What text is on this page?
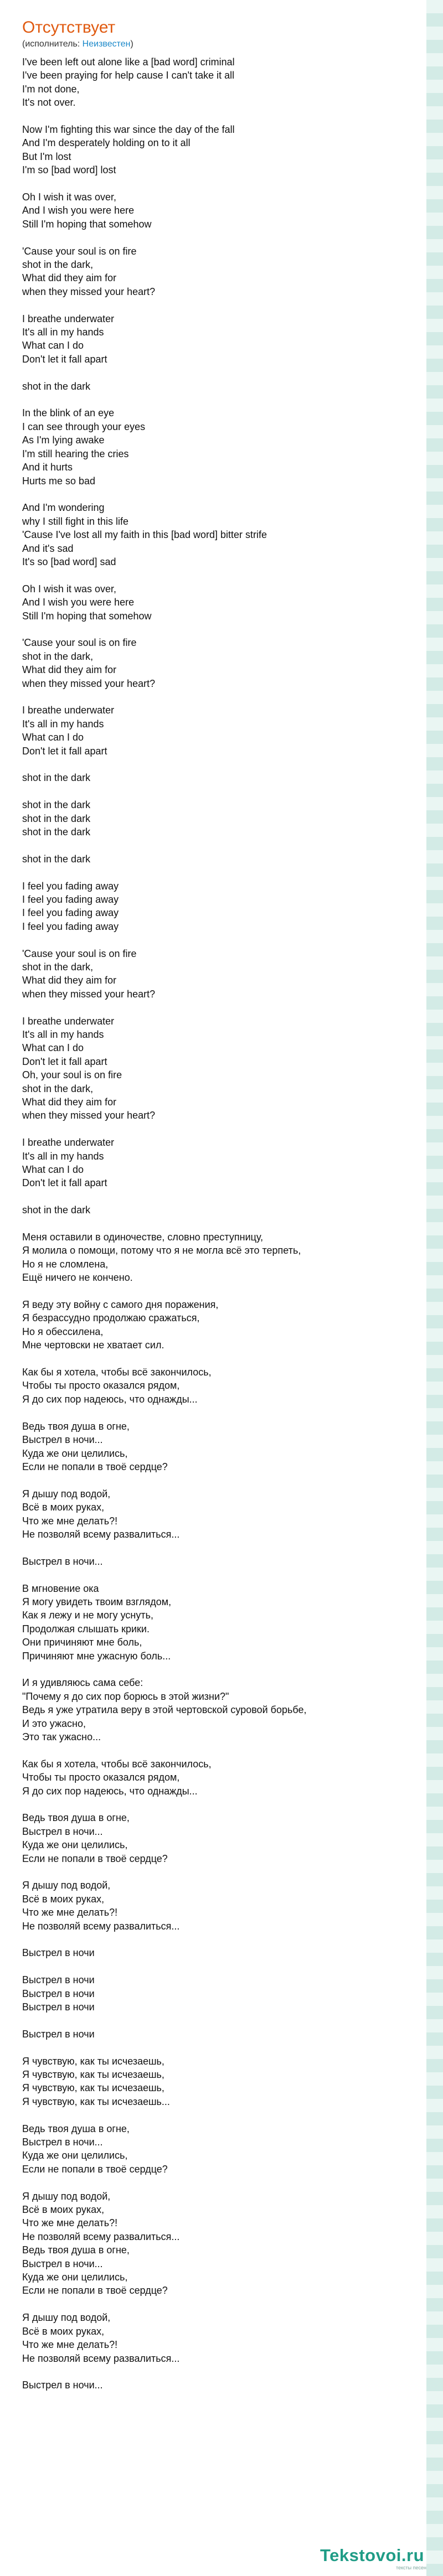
Отсутствует
(исполнитель: Неизвестен)
I've been left out alone like a [bad word] criminal
I've been praying for help cause I can't take it all
I'm not done,
It's not over.
Now I'm fighting this war since the day of the fall
And I'm desperately holding on to it all
But I'm lost
I'm so [bad word] lost
Oh I wish it was over,
And I wish you were here
Still I'm hoping that somehow
'Cause your soul is on fire
shot in the dark,
What did they aim for
when they missed your heart?
I breathe underwater
It's all in my hands
What can I do
Don't let it fall apart
shot in the dark
In the blink of an eye
I can see through your eyes
As I'm lying awake
I'm still hearing the cries
And it hurts
Hurts me so bad
And I'm wondering
why I still fight in this life
'Cause I've lost all my faith in this [bad word] bitter strife
And it's sad
It's so [bad word] sad
Oh I wish it was over,
And I wish you were here
Still I'm hoping that somehow
'Cause your soul is on fire
shot in the dark,
What did they aim for
when they missed your heart?
I breathe underwater
It's all in my hands
What can I do
Don't let it fall apart
shot in the dark
shot in the dark
shot in the dark
shot in the dark
shot in the dark
I feel you fading away
I feel you fading away
I feel you fading away
I feel you fading away
'Cause your soul is on fire
shot in the dark,
What did they aim for
when they missed your heart?
I breathe underwater
It's all in my hands
What can I do
Don't let it fall apart
Oh, your soul is on fire
shot in the dark,
What did they aim for
when they missed your heart?
I breathe underwater
It's all in my hands
What can I do
Don't let it fall apart
shot in the dark
Меня оставили в одиночестве, словно преступницу,
Я молила о помощи, потому что я не могла всё это терпеть,
Но я не сломлена,
Ещё ничего не кончено.
Я веду эту войну с самого дня поражения,
Я безрассудно продолжаю сражаться,
Но я обессилена,
Мне чертовски не хватает сил.
Как бы я хотела, чтобы всё закончилось,
Чтобы ты просто оказался рядом,
Я до сих пор надеюсь, что однажды...
Ведь твоя душа в огне,
Выстрел в ночи...
Куда же они целились,
Если не попали в твоё сердце?
Я дышу под водой,
Всё в моих руках,
Что же мне делать?!
Не позволяй всему развалиться...
Выстрел в ночи...
В мгновение ока
Я могу увидеть твоим взглядом,
Как я лежу и не могу уснуть,
Продолжая слышать крики.
Они причиняют мне боль,
Причиняют мне ужасную боль...
И я удивляюсь сама себе:
"Почему я до сих пор борюсь в этой жизни?"
Ведь я уже утратила веру в этой чертовской суровой борьбе,
И это ужасно,
Это так ужасно...
Как бы я хотела, чтобы всё закончилось,
Чтобы ты просто оказался рядом,
Я до сих пор надеюсь, что однажды...
Ведь твоя душа в огне,
Выстрел в ночи...
Куда же они целились,
Если не попали в твоё сердце?
Я дышу под водой,
Всё в моих руках,
Что же мне делать?!
Не позволяй всему развалиться...
Выстрел в ночи
Выстрел в ночи
Выстрел в ночи
Выстрел в ночи
Выстрел в ночи
Я чувствую, как ты исчезаешь,
Я чувствую, как ты исчезаешь,
Я чувствую, как ты исчезаешь,
Я чувствую, как ты исчезаешь...
Ведь твоя душа в огне,
Выстрел в ночи...
Куда же они целились,
Если не попали в твоё сердце?
Я дышу под водой,
Всё в моих руках,
Что же мне делать?!
Не позволяй всему развалиться...
Ведь твоя душа в огне,
Выстрел в ночи...
Куда же они целились,
Если не попали в твоё сердце?
Я дышу под водой,
Всё в моих руках,
Что же мне делать?!
Не позволяй всему развалиться...
Выстрел в ночи...
Tekstovoi.ru
тексты песен
